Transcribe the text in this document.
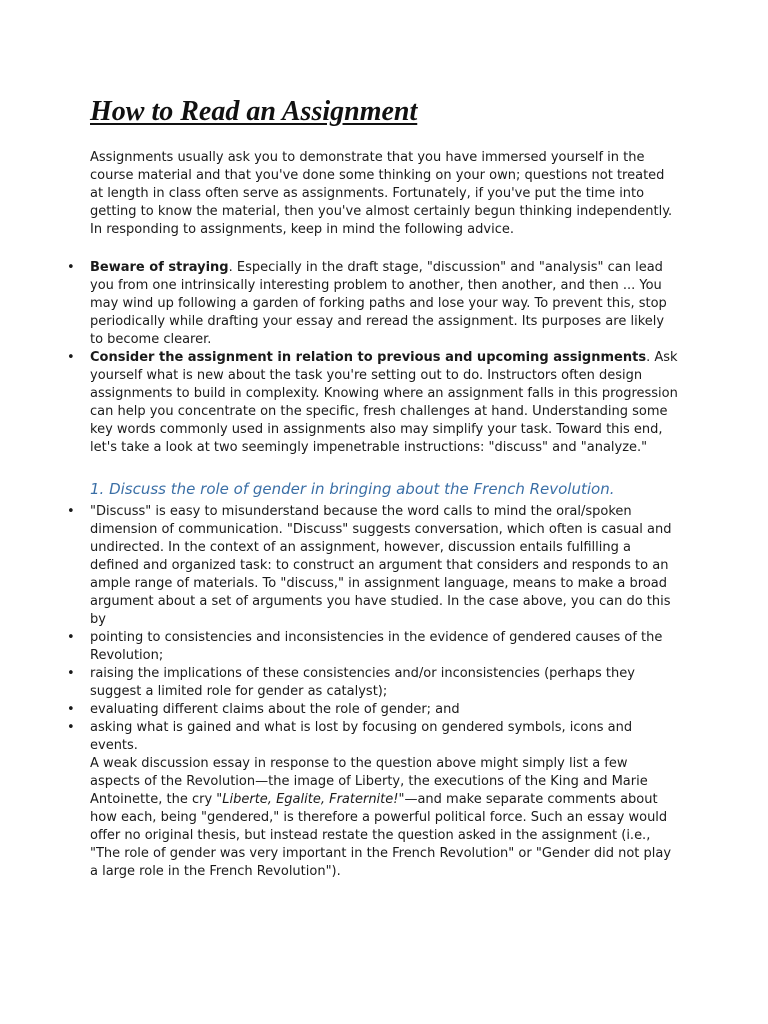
How to Read an Assignment

Assignments usually ask you to demonstrate that you have immersed yourself in the course material and that you've done some thinking on your own; questions not treated at length in class often serve as assignments. Fortunately, if you've put the time into getting to know the material, then you've almost certainly begun thinking independently. In responding to assignments, keep in mind the following advice.

• Beware of straying. Especially in the draft stage, "discussion" and "analysis" can lead you from one intrinsically interesting problem to another, then another, and then ... You may wind up following a garden of forking paths and lose your way. To prevent this, stop periodically while drafting your essay and reread the assignment. Its purposes are likely to become clearer.
• Consider the assignment in relation to previous and upcoming assignments. Ask yourself what is new about the task you're setting out to do. Instructors often design assignments to build in complexity. Knowing where an assignment falls in this progression can help you concentrate on the specific, fresh challenges at hand. Understanding some key words commonly used in assignments also may simplify your task. Toward this end, let's take a look at two seemingly impenetrable instructions: "discuss" and "analyze."
1. Discuss the role of gender in bringing about the French Revolution.
• "Discuss" is easy to misunderstand because the word calls to mind the oral/spoken dimension of communication. "Discuss" suggests conversation, which often is casual and undirected. In the context of an assignment, however, discussion entails fulfilling a defined and organized task: to construct an argument that considers and responds to an ample range of materials. To "discuss," in assignment language, means to make a broad argument about a set of arguments you have studied. In the case above, you can do this by
• pointing to consistencies and inconsistencies in the evidence of gendered causes of the Revolution;
• raising the implications of these consistencies and/or inconsistencies (perhaps they suggest a limited role for gender as catalyst);
• evaluating different claims about the role of gender; and
• asking what is gained and what is lost by focusing on gendered symbols, icons and events.

A weak discussion essay in response to the question above might simply list a few aspects of the Revolution—the image of Liberty, the executions of the King and Marie Antoinette, the cry "Liberte, Egalite, Fraternite!"—and make separate comments about how each, being "gendered," is therefore a powerful political force. Such an essay would offer no original thesis, but instead restate the question asked in the assignment (i.e., "The role of gender was very important in the French Revolution" or "Gender did not play a large role in the French Revolution").
